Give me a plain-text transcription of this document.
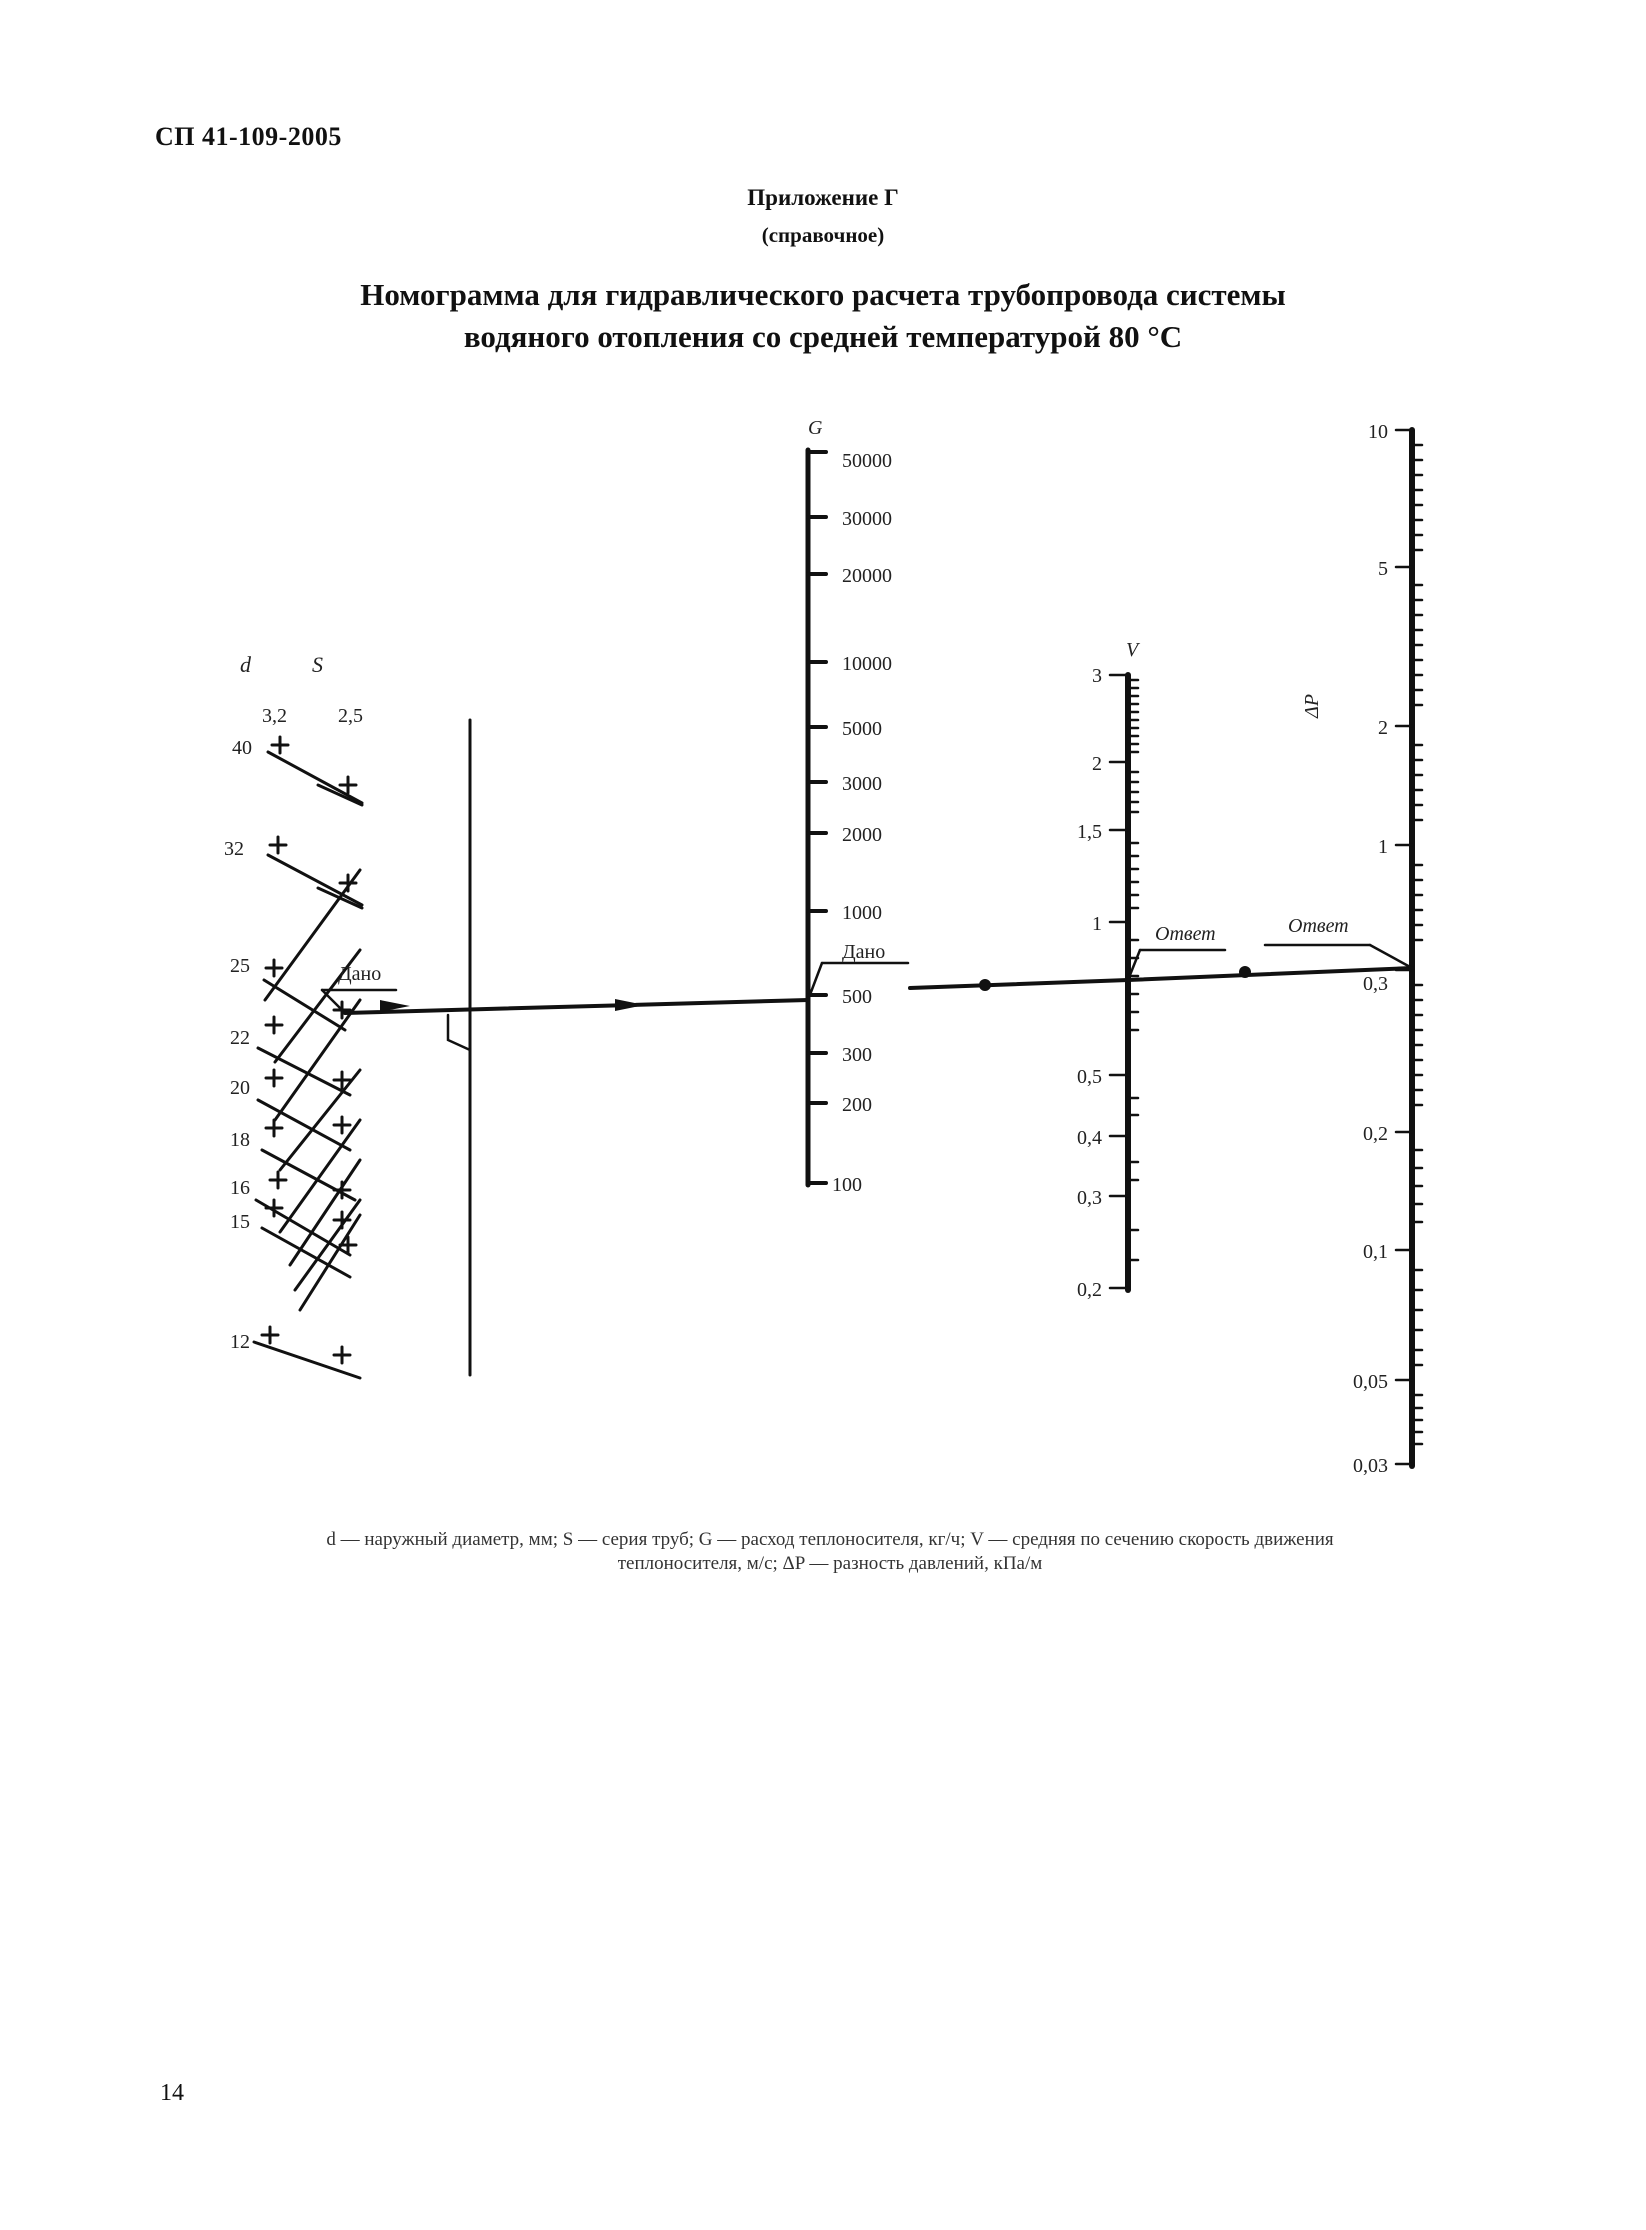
СП 41-109-2005
Приложение Г
(справочное)
Номограмма для гидравлического расчета трубопровода системы
водяного отопления со средней температурой 80 °С
d	S
3,2	2,5
40
32
25
22
20
18
16
15
12
G
50000
30000
20000
10000
5000
3000
2000
1000
500
300
200
100
V
3
2
1,5
1
0,5
0,4
0,3
0,2
ΔP
10
5
2
1
0,3
0,2
0,1
0,05
0,03
Дано
Дано
Ответ	Ответ
d — наружный диаметр, мм; S — серия труб; G — расход теплоносителя, кг/ч; V — средняя по сечению скорость движения
теплоносителя, м/с; ΔP — разность давлений, кПа/м
14
